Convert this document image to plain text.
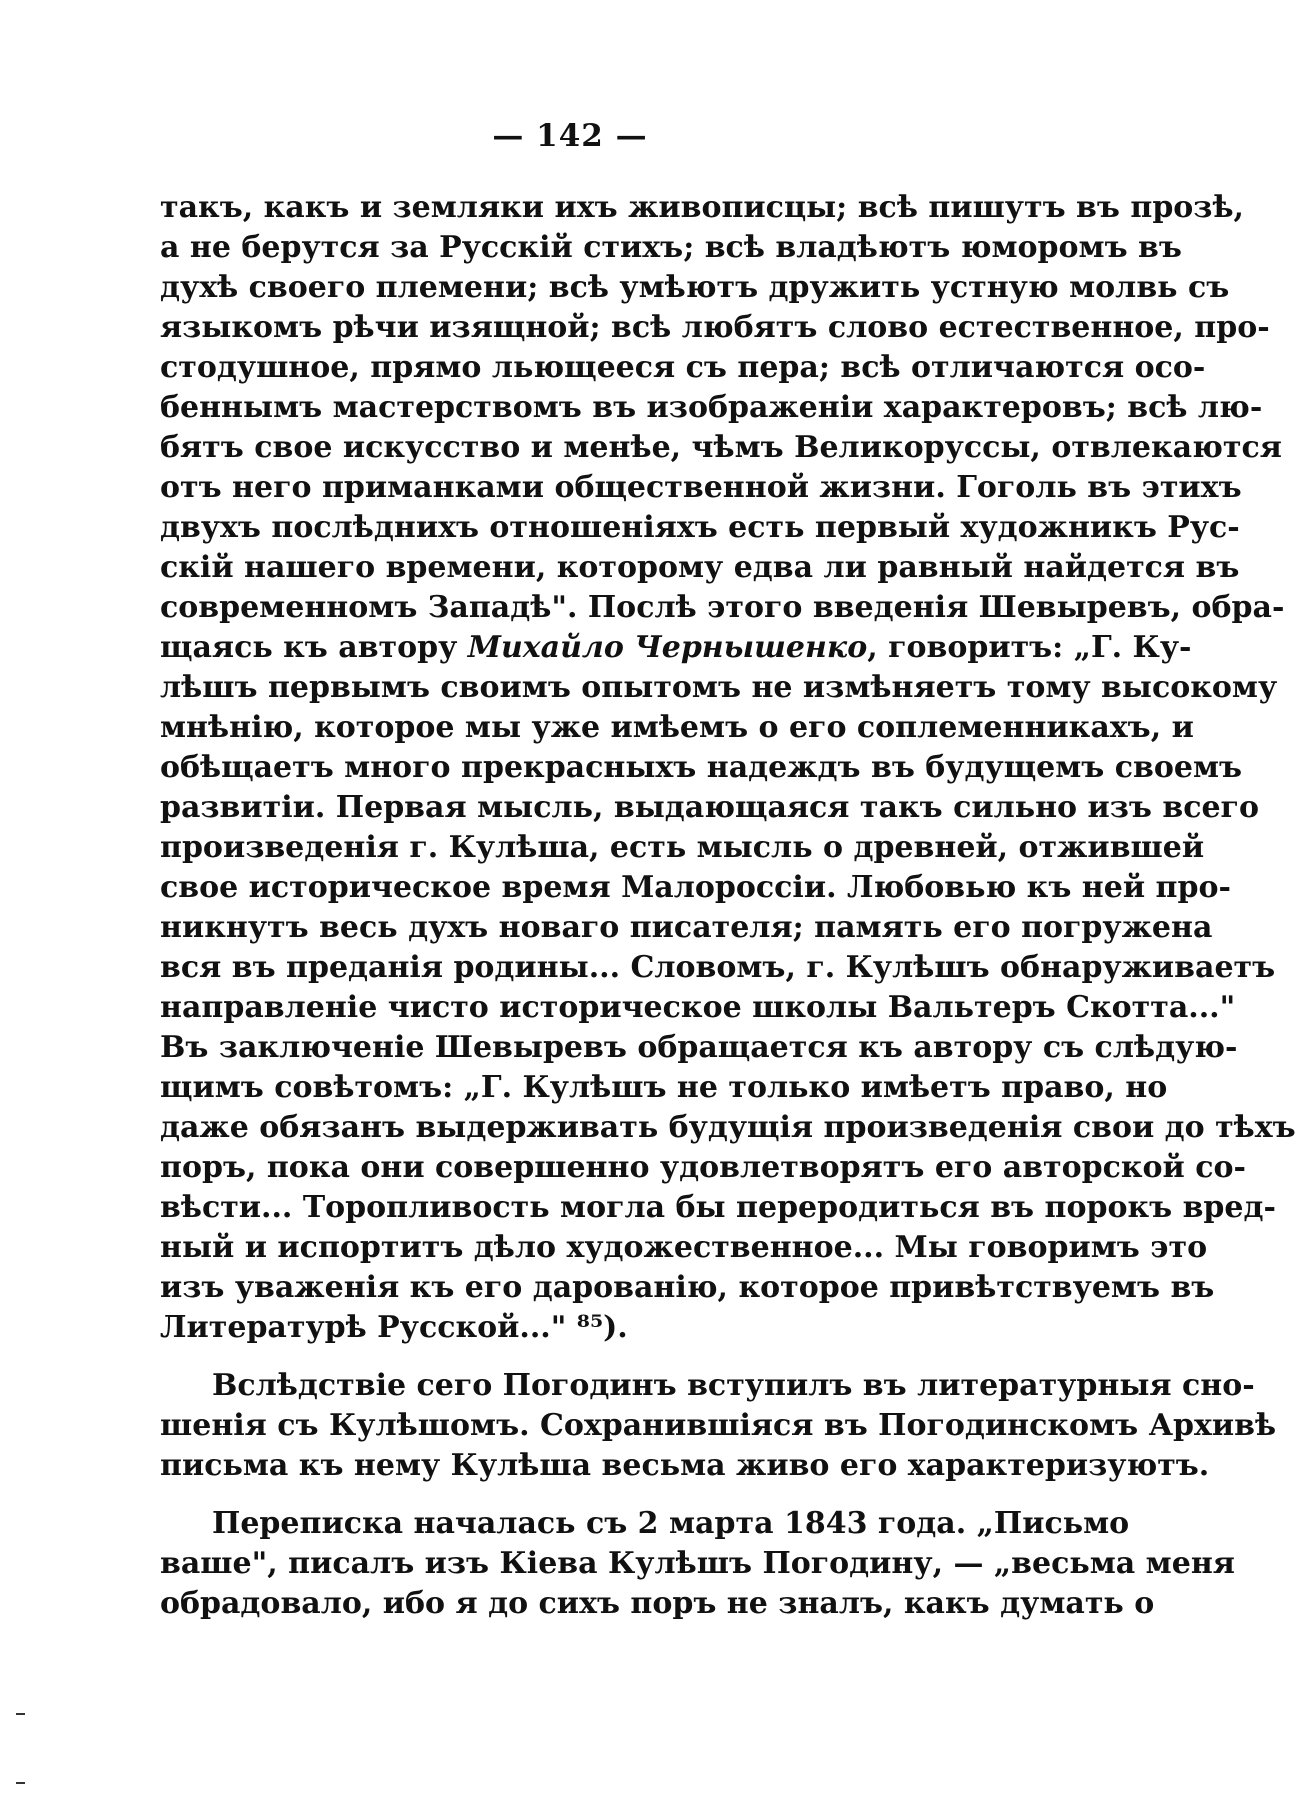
— 142 —
такъ, какъ и земляки ихъ живописцы; всѣ пишутъ въ прозѣ,
а не берутся за Русскій стихъ; всѣ владѣютъ юморомъ въ
духѣ своего племени; всѣ умѣютъ дружить устную молвь съ
языкомъ рѣчи изящной; всѣ любятъ слово естественное, про-
стодушное, прямо льющееся съ пера; всѣ отличаются осо-
беннымъ мастерствомъ въ изображеніи характеровъ; всѣ лю-
бятъ свое искусство и менѣе, чѣмъ Великоруссы, отвлекаются
отъ него приманками общественной жизни. Гоголь въ этихъ
двухъ послѣднихъ отношеніяхъ есть первый художникъ Рус-
скій нашего времени, которому едва ли равный найдется въ
современномъ Западѣ". Послѣ этого введенія Шевыревъ, обра-
щаясь къ автору Михайло Чернышенко, говоритъ: „Г. Ку-
лѣшъ первымъ своимъ опытомъ не измѣняетъ тому высокому
мнѣнію, которое мы уже имѣемъ о его соплеменникахъ, и
обѣщаетъ много прекрасныхъ надеждъ въ будущемъ своемъ
развитіи. Первая мысль, выдающаяся такъ сильно изъ всего
произведенія г. Кулѣша, есть мысль о древней, отжившей
свое историческое время Малороссіи. Любовью къ ней про-
никнутъ весь духъ новаго писателя; память его погружена
вся въ преданія родины... Словомъ, г. Кулѣшъ обнаруживаетъ
направленіе чисто историческое школы Вальтеръ Скотта..."
Въ заключеніе Шевыревъ обращается къ автору съ слѣдую-
щимъ совѣтомъ: „Г. Кулѣшъ не только имѣетъ право, но
даже обязанъ выдерживать будущія произведенія свои до тѣхъ
поръ, пока они совершенно удовлетворятъ его авторской со-
вѣсти... Торопливость могла бы переродиться въ порокъ вред-
ный и испортитъ дѣло художественное... Мы говоримъ это
изъ уваженія къ его дарованію, которое привѣтствуемъ въ
Литературѣ Русской..." ⁸⁵).
Вслѣдствіе сего Погодинъ вступилъ въ литературныя сно-
шенія съ Кулѣшомъ. Сохранившіяся въ Погодинскомъ Архивѣ
письма къ нему Кулѣша весьма живо его характеризуютъ.
Переписка началась съ 2 марта 1843 года. „Письмо
ваше", писалъ изъ Кіева Кулѣшъ Погодину, — „весьма меня
обрадовало, ибо я до сихъ поръ не зналъ, какъ думать о
